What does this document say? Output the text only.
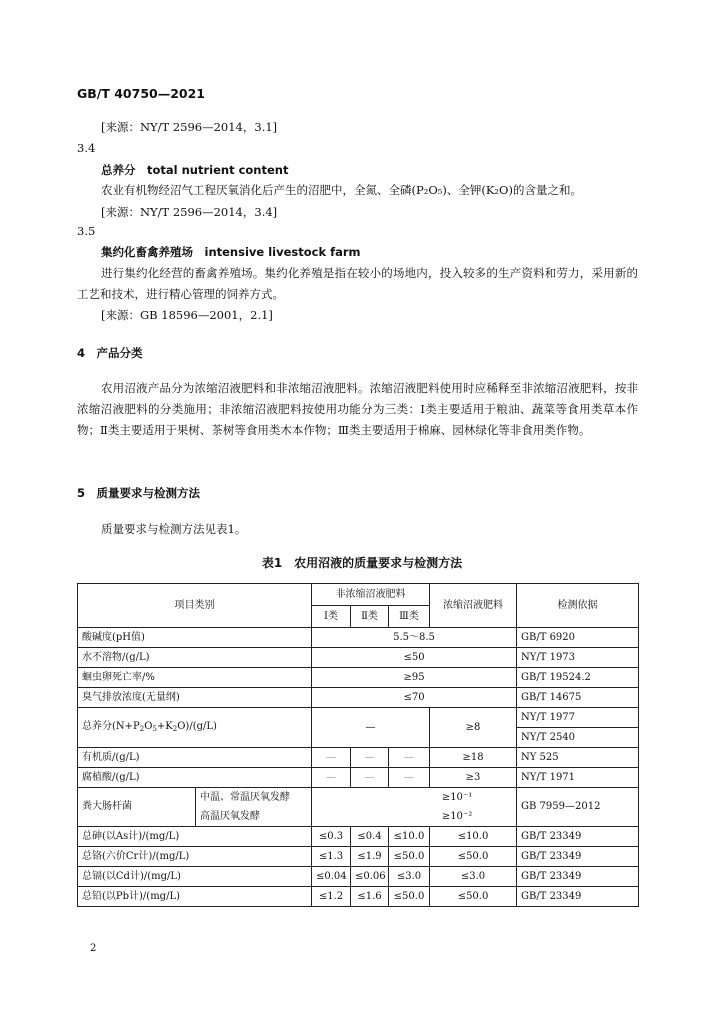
GB/T 40750—2021
[来源：NY/T 2596—2014，3.1]
3.4
总养分　total nutrient content
农业有机物经沼气工程厌氧消化后产生的沼肥中，全氮、全磷(P₂O₅)、全钾(K₂O)的含量之和。
[来源：NY/T 2596—2014，3.4]
3.5
集约化畜禽养殖场　intensive livestock farm
进行集约化经营的畜禽养殖场。集约化养殖是指在较小的场地内，投入较多的生产资料和劳力，采用新的工艺和技术，进行精心管理的饲养方式。
[来源：GB 18596—2001，2.1]
4　产品分类
农用沼液产品分为浓缩沼液肥料和非浓缩沼液肥料。浓缩沼液肥料使用时应稀释至非浓缩沼液肥料，按非浓缩沼液肥料的分类施用；非浓缩沼液肥料按使用功能分为三类：Ⅰ类主要适用于粮油、蔬菜等食用类草本作物；Ⅱ类主要适用于果树、茶树等食用类木本作物；Ⅲ类主要适用于棉麻、园林绿化等非食用类作物。
5　质量要求与检测方法
质量要求与检测方法见表1。
表1　农用沼液的质量要求与检测方法
项目类别		非浓缩沼液肥料			浓缩沼液肥料	检测依据
		Ⅰ类	Ⅱ类	Ⅲ类		
酸碱度(pH值)		5.5～8.5				GB/T 6920
水不溶物/(g/L)		≤50				NY/T 1973
蛔虫卵死亡率/%		≥95				GB/T 19524.2
臭气排放浓度(无量纲)		≤70				GB/T 14675
总养分$(N+P_2O_5+K_2O)/(g/L)$		—			≥8	NY/T 1977
						NY/T 2540
有机质/(g/L)		—	—	—	≥18	NY 525
腐植酸/(g/L)		—	—	—	≥3	NY/T 1971
粪大肠杆菌	中温、常温厌氧发酵	≥10⁻¹				GB 7959—2012
	高温厌氧发酵	≥10⁻²				
总砷(以As计)/(mg/L)		≤0.3	≤0.4	≤10.0	≤10.0	GB/T 23349
总铬(六价Cr计)/(mg/L)		≤1.3	≤1.9	≤50.0	≤50.0	GB/T 23349
总镉(以Cd计)/(mg/L)		≤0.04	≤0.06	≤3.0	≤3.0	GB/T 23349
总铅(以Pb计)/(mg/L)		≤1.2	≤1.6	≤50.0	≤50.0	GB/T 23349
2
